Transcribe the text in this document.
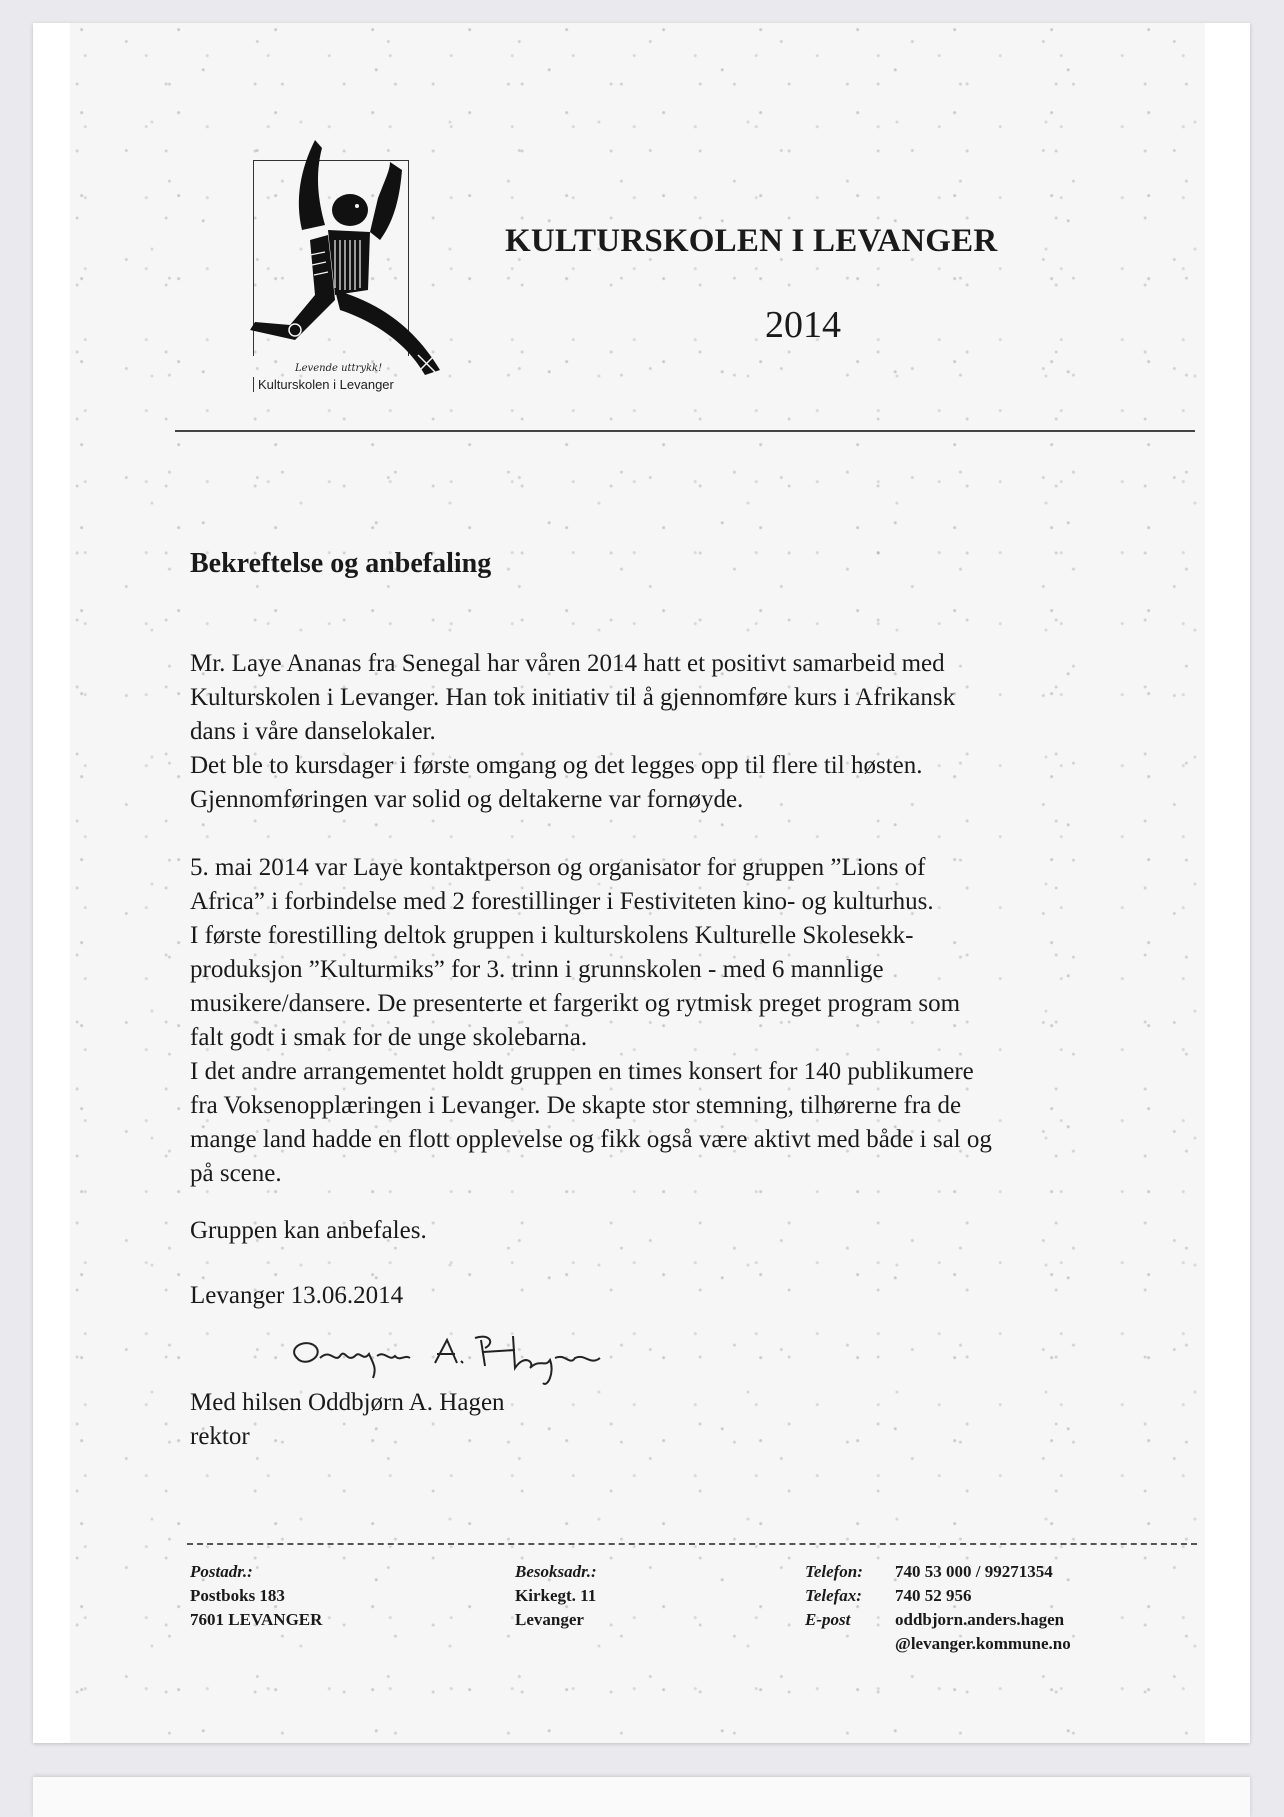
Levende uttrykk!
Kulturskolen i Levanger
KULTURSKOLEN I LEVANGER
2014
Bekreftelse og anbefaling

Mr. Laye Ananas fra Senegal har våren 2014 hatt et positivt samarbeid med

Kulturskolen i Levanger. Han tok initiativ til å gjennomføre kurs i Afrikansk

dans i våre danselokaler.

Det ble to kursdager i første omgang og det legges opp til flere til høsten.

Gjennomføringen var solid og deltakerne var fornøyde.

5. mai 2014 var Laye kontaktperson og organisator for gruppen ”Lions of

Africa” i forbindelse med 2 forestillinger i Festiviteten kino- og kulturhus.

I første forestilling deltok gruppen i kulturskolens Kulturelle Skolesekk-

produksjon ”Kulturmiks” for 3. trinn i grunnskolen - med 6 mannlige

musikere/dansere. De presenterte et fargerikt og rytmisk preget program som

falt godt i smak for de unge skolebarna.

I det andre arrangementet holdt gruppen en times konsert for 140 publikumere

fra Voksenopplæringen i Levanger. De skapte stor stemning, tilhørerne fra de

mange land hadde en flott opplevelse og fikk også være aktivt med både i sal og

på scene.

Gruppen kan anbefales.
Levanger 13.06.2014
Med hilsen Oddbjørn A. Hagen
rektor
Postadr.:
Postboks 183
7601 LEVANGER
Besoksadr.:
Kirkegt. 11
Levanger
Telefon:	740 53 000 / 99271354
Telefax:	740 52 956
E-post	oddbjorn.anders.hagen
@levanger.kommune.no
